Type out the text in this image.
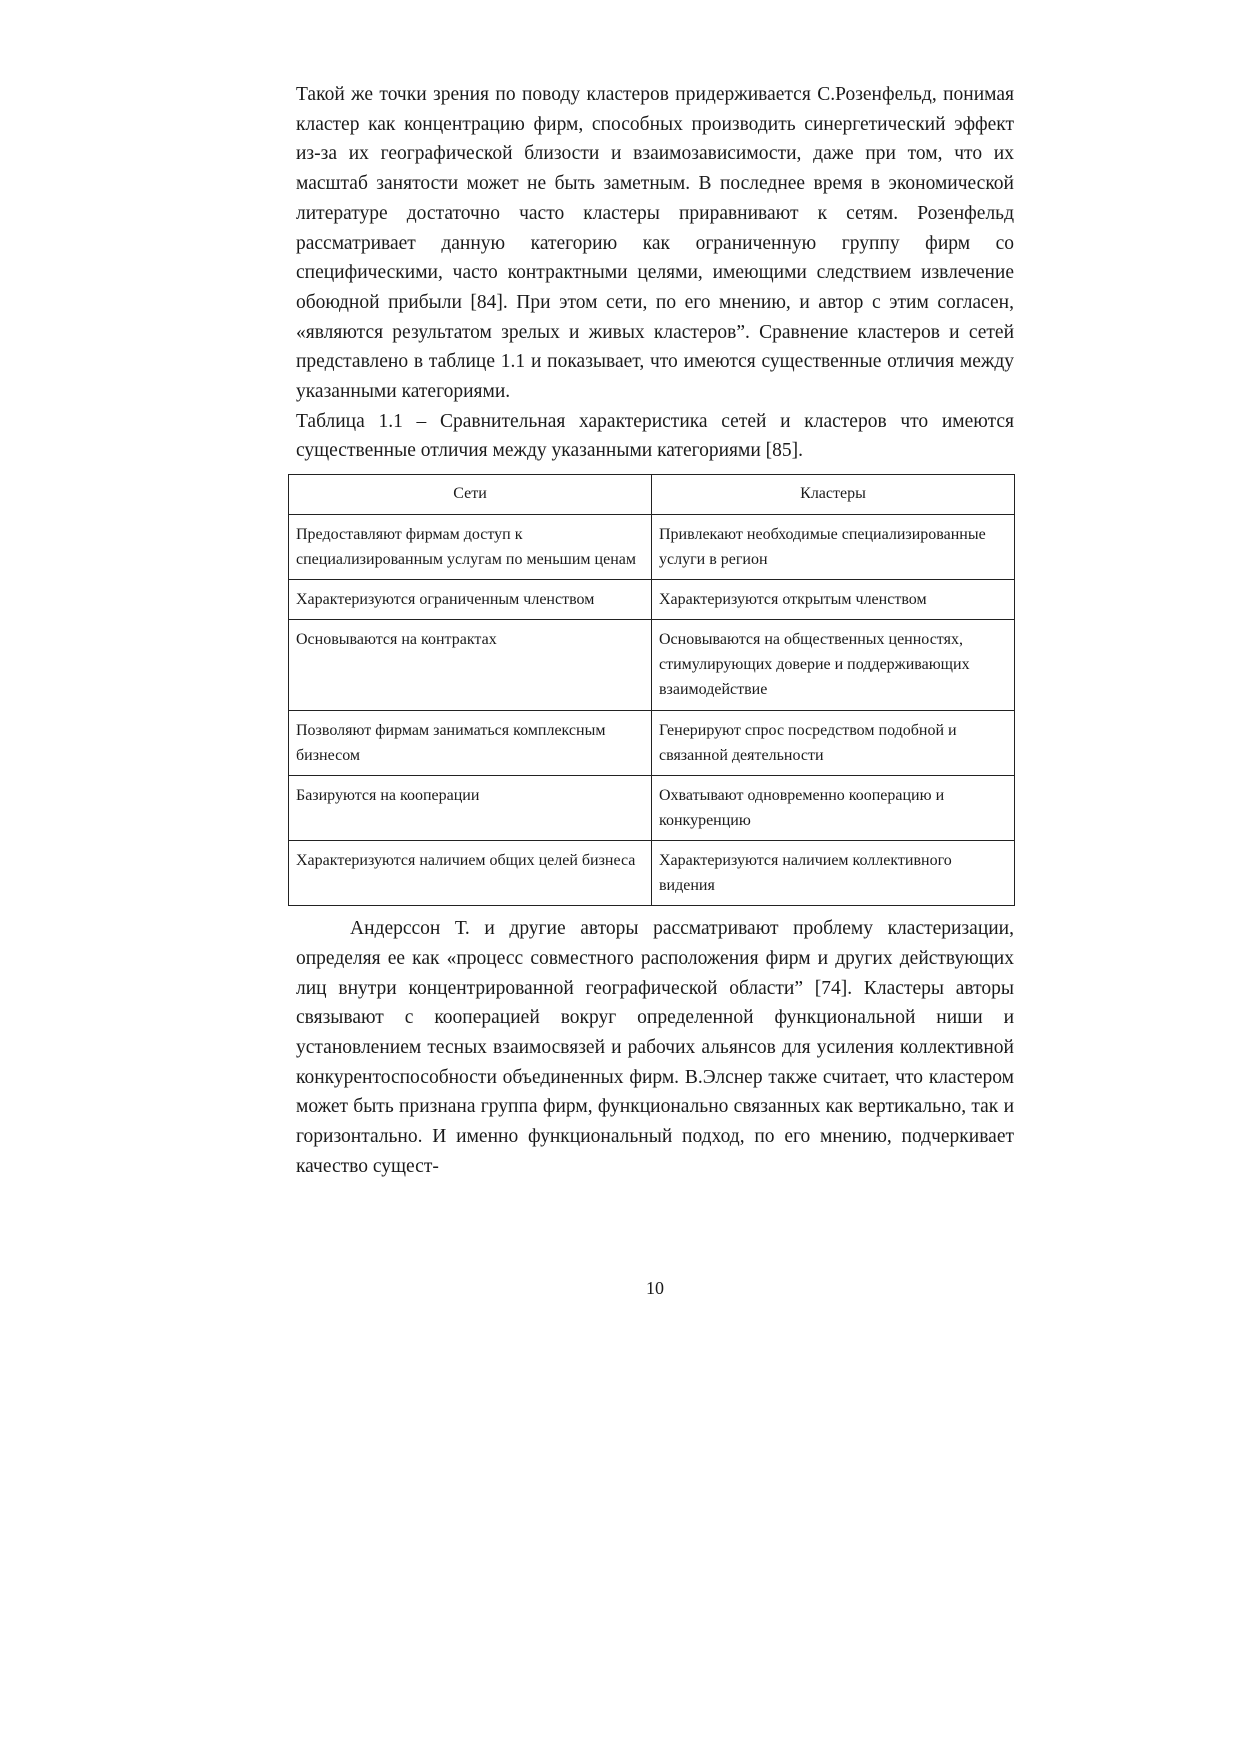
Такой же точки зрения по поводу кластеров придерживается С.Розенфельд, понимая кластер как концентрацию фирм, способных производить синергетический эффект из-за их географической близости и взаимозависимости, даже при том, что их масштаб занятости может не быть заметным. В последнее время в экономической литературе достаточно часто кластеры приравнивают к сетям. Розенфельд рассматривает данную категорию как ограниченную группу фирм со специфическими, часто контрактными целями, имеющими следствием извлечение обоюдной прибыли [84]. При этом сети, по его мнению, и автор с этим согласен, «являются результатом зрелых и живых кластеров”. Сравнение кластеров и сетей представлено в таблице 1.1 и показывает, что имеются существенные отличия между указанными категориями.

Таблица 1.1 – Сравнительная характеристика сетей и кластеров что имеются существенные отличия между указанными категориями [85].

Сети	Кластеры
Предоставляют фирмам доступ к специализированным услугам по меньшим ценам	Привлекают необходимые специализированные услуги в регион
Характеризуются ограниченным членством	Характеризуются открытым членством
Основываются на контрактах	Основываются на общественных ценностях, стимулирующих доверие и поддерживающих взаимодействие
Позволяют фирмам заниматься комплексным бизнесом	Генерируют спрос посредством подобной и связанной деятельности
Базируются на кооперации	Охватывают одновременно кооперацию и конкуренцию
Характеризуются наличием общих целей бизнеса	Характеризуются наличием коллективного видения

Андерссон Т. и другие авторы рассматривают проблему кластеризации, определяя ее как «процесс совместного расположения фирм и других действующих лиц внутри концентрированной географической области” [74]. Кластеры авторы связывают с кооперацией вокруг определенной функциональной ниши и установлением тесных взаимосвязей и рабочих альянсов для усиления коллективной конкурентоспособности объединенных фирм. В.Элснер также считает, что кластером может быть признана группа фирм, функционально связанных как вертикально, так и горизонтально. И именно функциональный подход, по его мнению, подчеркивает качество сущест-

10
